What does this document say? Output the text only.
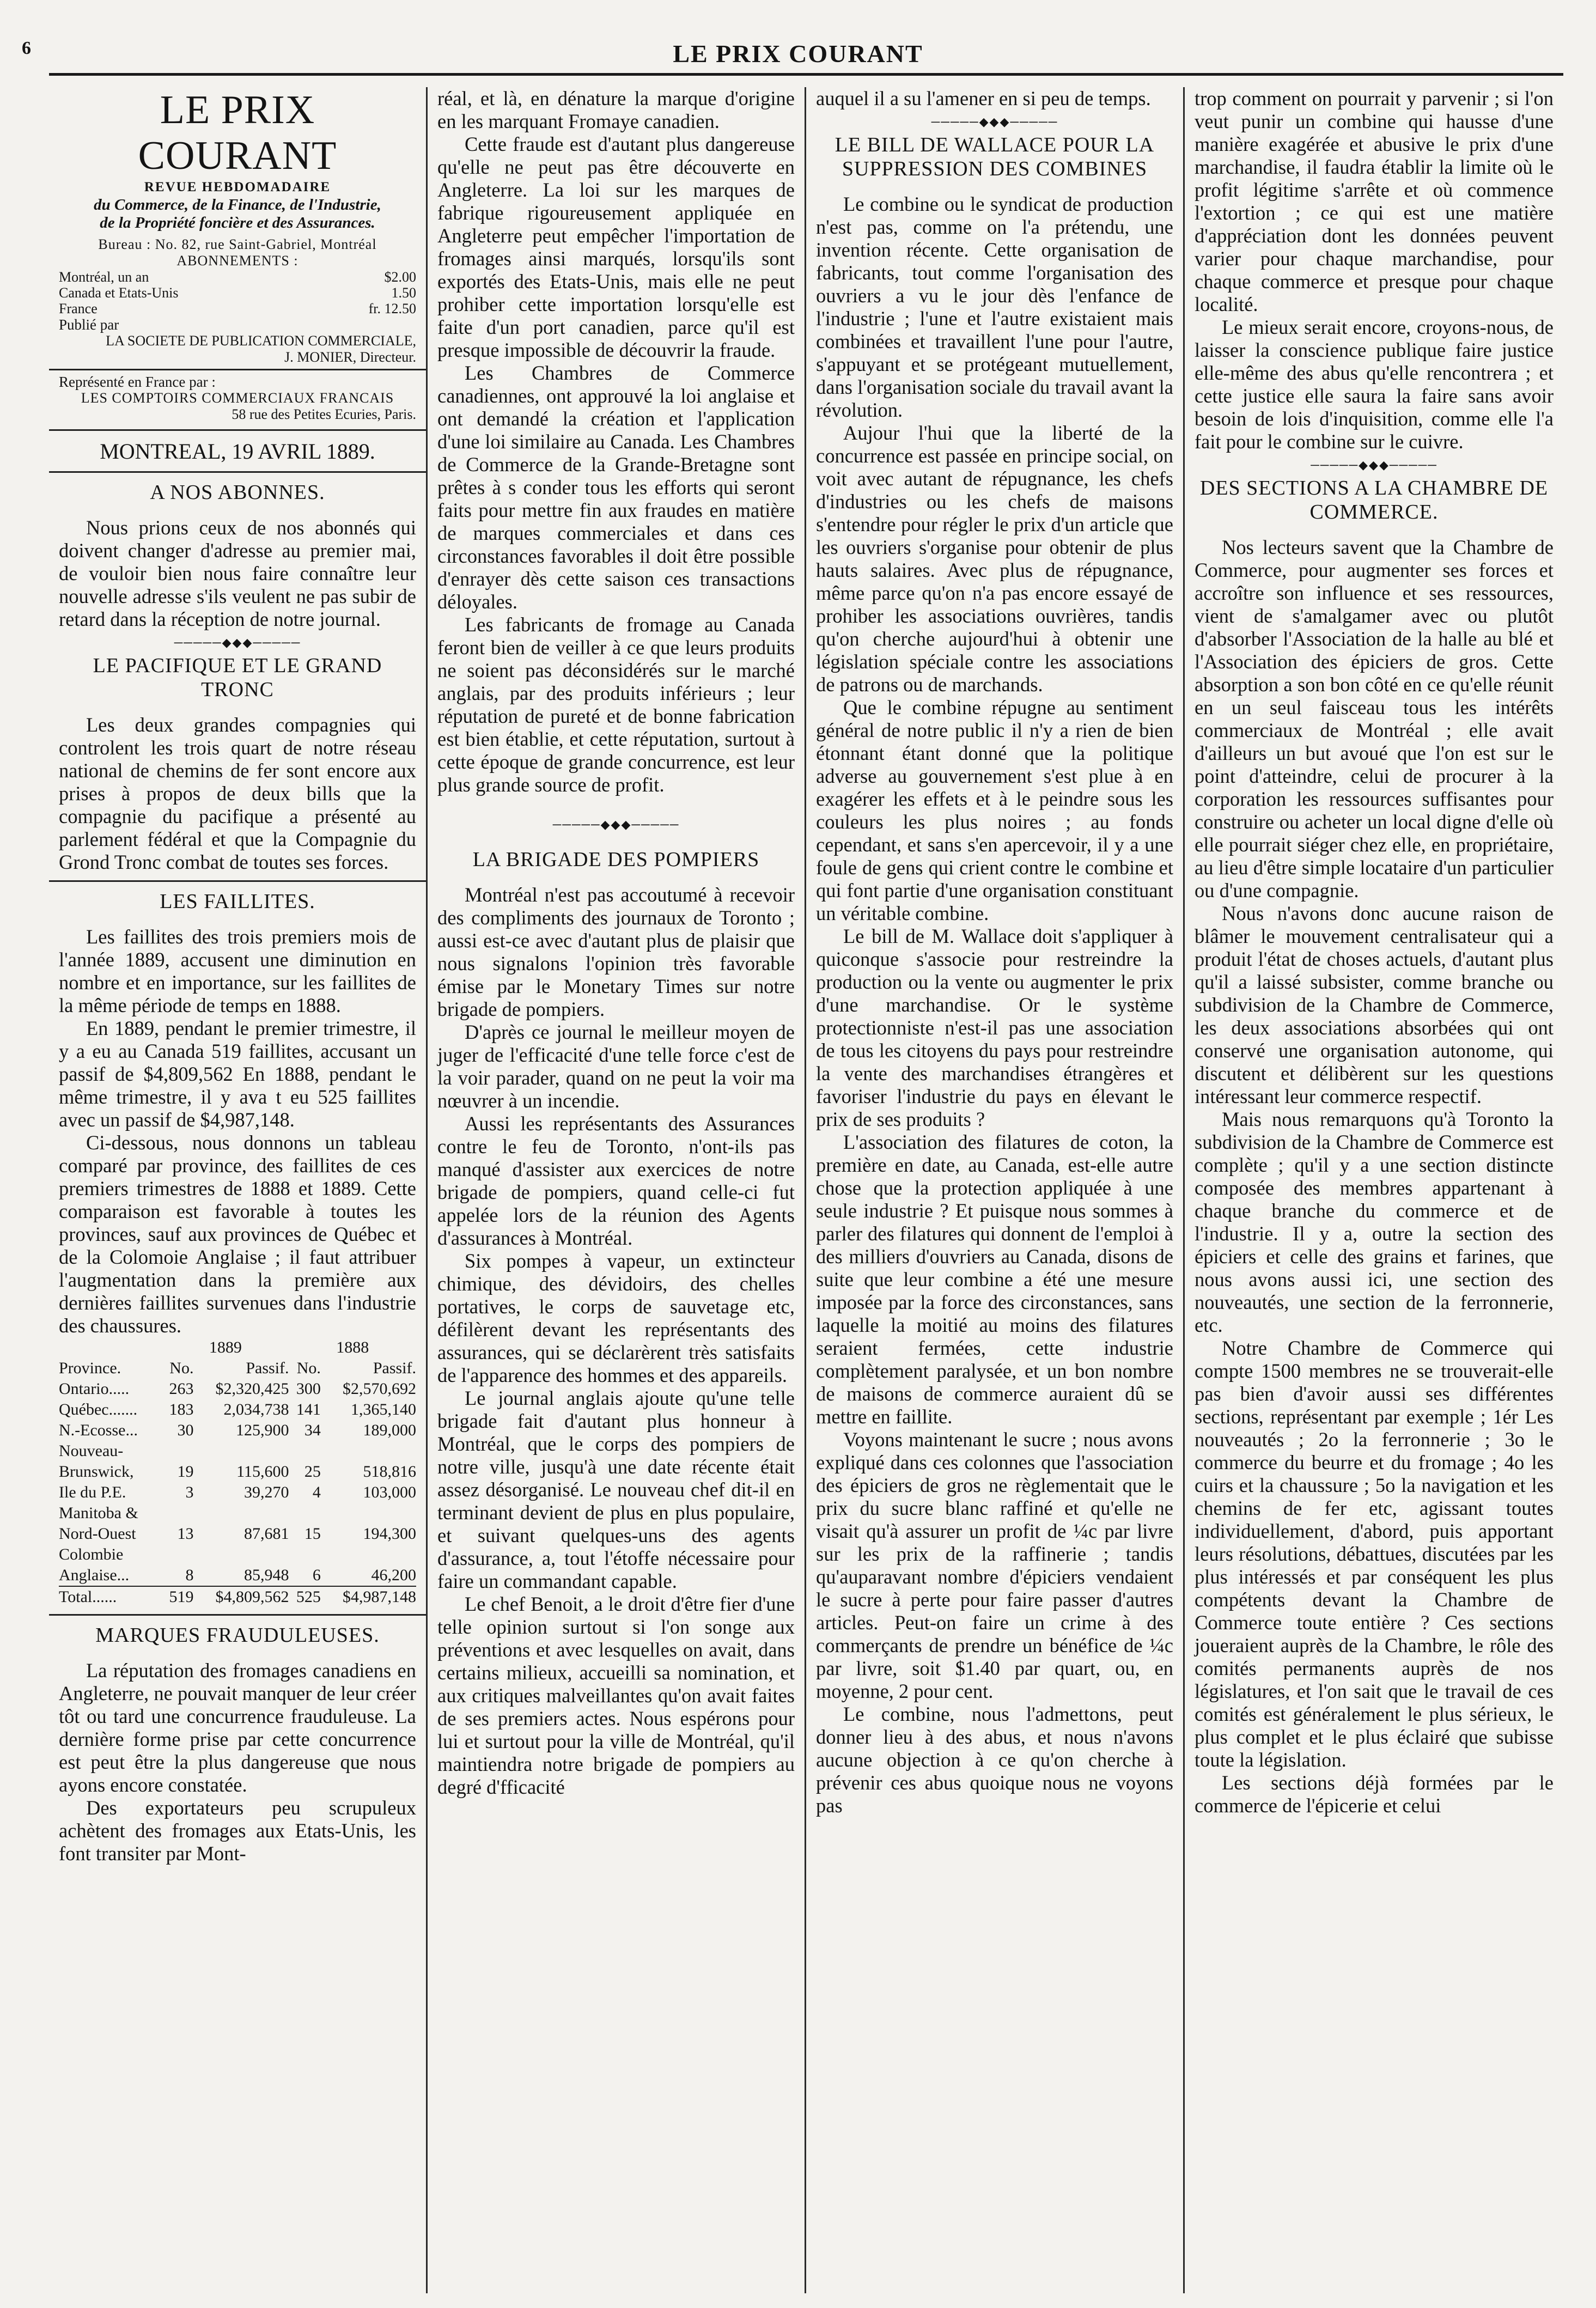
6	LE PRIX COURANT
LE PRIX COURANT
REVUE HEBDOMADAIRE
du Commerce, de la Finance, de l'Industrie,
de la Propriété foncière et des Assurances.
Bureau : No. 82, rue Saint-Gabriel, Montréal
ABONNEMENTS :
Montréal, un an	$2.00
Canada et Etats-Unis	1.50
France	fr. 12.50
Publié par
LA SOCIETE DE PUBLICATION COMMERCIALE,
J. MONIER, Directeur.
Représenté en France par :
LES COMPTOIRS COMMERCIAUX FRANCAIS
58 rue des Petites Ecuries, Paris.
MONTREAL, 19 AVRIL 1889.
A NOS ABONNES.

Nous prions ceux de nos abonnés qui doivent changer d'adresse au premier mai, de vouloir bien nous faire connaître leur nouvelle adresse s'ils veulent ne pas subir de retard dans la réception de notre journal.

─────◆◆◆─────
LE PACIFIQUE ET LE GRAND TRONC

Les deux grandes compagnies qui controlent les trois quart de notre réseau national de chemins de fer sont encore aux prises à propos de deux bills que la compagnie du pacifique a présenté au parlement fédéral et que la Compagnie du Grond Tronc combat de toutes ses forces.

LES FAILLITES.

Les faillites des trois premiers mois de l'année 1889, accusent une diminution en nombre et en importance, sur les faillites de la même période de temps en 1888.

En 1889, pendant le premier trimestre, il y a eu au Canada 519 faillites, accusant un passif de $4,809,562 En 1888, pendant le même trimestre, il y ava t eu 525 faillites avec un passif de $4,987,148.

Ci-dessous, nous donnons un tableau comparé par province, des faillites de ces premiers trimestres de 1888 et 1889. Cette comparaison est favorable à toutes les provinces, sauf aux provinces de Québec et de la Colomoie Anglaise ; il faut attribuer l'augmentation dans la première aux dernières faillites survenues dans l'industrie des chaussures.

	1889		1888	
Province.	No.	Passif.	No.	Passif.
Ontario.....	263	$2,320,425	300	$2,570,692
Québec.......	183	2,034,738	141	1,365,140
N.-Ecosse...	30	125,900	34	189,000
Nouveau-				
Brunswick,	19	115,600	25	518,816
Ile du P.E.	3	39,270	4	103,000
Manitoba &				
Nord-Ouest	13	87,681	15	194,300
Colombie				
Anglaise...	8	85,948	6	46,200
Total......	519	$4,809,562	525	$4,987,148
MARQUES FRAUDULEUSES.

La réputation des fromages canadiens en Angleterre, ne pouvait manquer de leur créer tôt ou tard une concurrence frauduleuse. La dernière forme prise par cette concurrence est peut être la plus dangereuse que nous ayons encore constatée.

Des exportateurs peu scrupuleux achètent des fromages aux Etats-Unis, les font transiter par Mont-

réal, et là, en dénature la marque d'origine en les marquant Fromaye canadien.

Cette fraude est d'autant plus dangereuse qu'elle ne peut pas être découverte en Angleterre. La loi sur les marques de fabrique rigoureusement appliquée en Angleterre peut empêcher l'importation de fromages ainsi marqués, lorsqu'ils sont exportés des Etats-Unis, mais elle ne peut prohiber cette importation lorsqu'elle est faite d'un port canadien, parce qu'il est presque impossible de découvrir la fraude.

Les Chambres de Commerce canadiennes, ont approuvé la loi anglaise et ont demandé la création et l'application d'une loi similaire au Canada. Les Chambres de Commerce de la Grande-Bretagne sont prêtes à s conder tous les efforts qui seront faits pour mettre fin aux fraudes en matière de marques commerciales et dans ces circonstances favorables il doit être possible d'enrayer dès cette saison ces transactions déloyales.

Les fabricants de fromage au Canada feront bien de veiller à ce que leurs produits ne soient pas déconsidérés sur le marché anglais, par des produits inférieurs ; leur réputation de pureté et de bonne fabrication est bien établie, et cette réputation, surtout à cette époque de grande concurrence, est leur plus grande source de profit.

─────◆◆◆─────
LA BRIGADE DES POMPIERS

Montréal n'est pas accoutumé à recevoir des compliments des journaux de Toronto ; aussi est-ce avec d'autant plus de plaisir que nous signalons l'opinion très favorable émise par le Monetary Times sur notre brigade de pompiers.

D'après ce journal le meilleur moyen de juger de l'efficacité d'une telle force c'est de la voir parader, quand on ne peut la voir ma nœuvrer à un incendie.

Aussi les représentants des Assurances contre le feu de Toronto, n'ont-ils pas manqué d'assister aux exercices de notre brigade de pompiers, quand celle-ci fut appelée lors de la réunion des Agents d'assurances à Montréal.

Six pompes à vapeur, un extincteur chimique, des dévidoirs, des chelles portatives, le corps de sauvetage etc, défilèrent devant les représentants des assurances, qui se déclarèrent très satisfaits de l'apparence des hommes et des appareils.

Le journal anglais ajoute qu'une telle brigade fait d'autant plus honneur à Montréal, que le corps des pompiers de notre ville, jusqu'à une date récente était assez désorganisé. Le nouveau chef dit-il en terminant devient de plus en plus populaire, et suivant quelques-uns des agents d'assurance, a, tout l'étoffe nécessaire pour faire un commandant capable.

Le chef Benoit, a le droit d'être fier d'une telle opinion surtout si l'on songe aux préventions et avec lesquelles on avait, dans certains milieux, accueilli sa nomination, et aux critiques malveillantes qu'on avait faites de ses premiers actes. Nous espérons pour lui et surtout pour la ville de Montréal, qu'il maintiendra notre brigade de pompiers au degré d'fficacité

auquel il a su l'amener en si peu de temps.

─────◆◆◆─────
LE BILL DE WALLACE POUR LA SUPPRESSION DES COMBINES

Le combine ou le syndicat de production n'est pas, comme on l'a prétendu, une invention récente. Cette organisation de fabricants, tout comme l'organisation des ouvriers a vu le jour dès l'enfance de l'industrie ; l'une et l'autre existaient mais combinées et travaillent l'une pour l'autre, s'appuyant et se protégeant mutuellement, dans l'organisation sociale du travail avant la révolution.

Aujour l'hui que la liberté de la concurrence est passée en principe social, on voit avec autant de répugnance, les chefs d'industries ou les chefs de maisons s'entendre pour régler le prix d'un article que les ouvriers s'organise pour obtenir de plus hauts salaires. Avec plus de répugnance, même parce qu'on n'a pas encore essayé de prohiber les associations ouvrières, tandis qu'on cherche aujourd'hui à obtenir une législation spéciale contre les associations de patrons ou de marchands.

Que le combine répugne au sentiment général de notre public il n'y a rien de bien étonnant étant donné que la politique adverse au gouvernement s'est plue à en exagérer les effets et à le peindre sous les couleurs les plus noires ; au fonds cependant, et sans s'en apercevoir, il y a une foule de gens qui crient contre le combine et qui font partie d'une organisation constituant un véritable combine.

Le bill de M. Wallace doit s'appliquer à quiconque s'associe pour restreindre la production ou la vente ou augmenter le prix d'une marchandise. Or le système protectionniste n'est-il pas une association de tous les citoyens du pays pour restreindre la vente des marchandises étrangères et favoriser l'industrie du pays en élevant le prix de ses produits ?

L'association des filatures de coton, la première en date, au Canada, est-elle autre chose que la protection appliquée à une seule industrie ? Et puisque nous sommes à parler des filatures qui donnent de l'emploi à des milliers d'ouvriers au Canada, disons de suite que leur combine a été une mesure imposée par la force des circonstances, sans laquelle la moitié au moins des filatures seraient fermées, cette industrie complètement paralysée, et un bon nombre de maisons de commerce auraient dû se mettre en faillite.

Voyons maintenant le sucre ; nous avons expliqué dans ces colonnes que l'association des épiciers de gros ne règlementait que le prix du sucre blanc raffiné et qu'elle ne visait qu'à assurer un profit de ¼c par livre sur les prix de la raffinerie ; tandis qu'auparavant nombre d'épiciers vendaient le sucre à perte pour faire passer d'autres articles. Peut-on faire un crime à des commerçants de prendre un bénéfice de ¼c par livre, soit $1.40 par quart, ou, en moyenne, 2 pour cent.

Le combine, nous l'admettons, peut donner lieu à des abus, et nous n'avons aucune objection à ce qu'on cherche à prévenir ces abus quoique nous ne voyons pas

trop comment on pourrait y parvenir ; si l'on veut punir un combine qui hausse d'une manière exagérée et abusive le prix d'une marchandise, il faudra établir la limite où le profit légitime s'arrête et où commence l'extortion ; ce qui est une matière d'appréciation dont les données peuvent varier pour chaque marchandise, pour chaque commerce et presque pour chaque localité.

Le mieux serait encore, croyons-nous, de laisser la conscience publique faire justice elle-même des abus qu'elle rencontrera ; et cette justice elle saura la faire sans avoir besoin de lois d'inquisition, comme elle l'a fait pour le combine sur le cuivre.

─────◆◆◆─────
DES SECTIONS A LA CHAMBRE DE COMMERCE.

Nos lecteurs savent que la Chambre de Commerce, pour augmenter ses forces et accroître son influence et ses ressources, vient de s'amalgamer avec ou plutôt d'absorber l'Association de la halle au blé et l'Association des épiciers de gros. Cette absorption a son bon côté en ce qu'elle réunit en un seul faisceau tous les intérêts commerciaux de Montréal ; elle avait d'ailleurs un but avoué que l'on est sur le point d'atteindre, celui de procurer à la corporation les ressources suffisantes pour construire ou acheter un local digne d'elle où elle pourrait siéger chez elle, en propriétaire, au lieu d'être simple locataire d'un particulier ou d'une compagnie.

Nous n'avons donc aucune raison de blâmer le mouvement centralisateur qui a produit l'état de choses actuels, d'autant plus qu'il a laissé subsister, comme branche ou subdivision de la Chambre de Commerce, les deux associations absorbées qui ont conservé une organisation autonome, qui discutent et délibèrent sur les questions intéressant leur commerce respectif.

Mais nous remarquons qu'à Toronto la subdivision de la Chambre de Commerce est complète ; qu'il y a une section distincte composée des membres appartenant à chaque branche du commerce et de l'industrie. Il y a, outre la section des épiciers et celle des grains et farines, que nous avons aussi ici, une section des nouveautés, une section de la ferronnerie, etc.

Notre Chambre de Commerce qui compte 1500 membres ne se trouverait-elle pas bien d'avoir aussi ses différentes sections, représentant par exemple ; 1ér Les nouveautés ; 2o la ferronnerie ; 3o le commerce du beurre et du fromage ; 4o les cuirs et la chaussure ; 5o la navigation et les chemins de fer etc, agissant toutes individuellement, d'abord, puis apportant leurs résolutions, débattues, discutées par les plus intéressés et par conséquent les plus compétents devant la Chambre de Commerce toute entière ? Ces sections joueraient auprès de la Chambre, le rôle des comités permanents auprès de nos législatures, et l'on sait que le travail de ces comités est généralement le plus sérieux, le plus complet et le plus éclairé que subisse toute la législation.

Les sections déjà formées par le commerce de l'épicerie et celui
